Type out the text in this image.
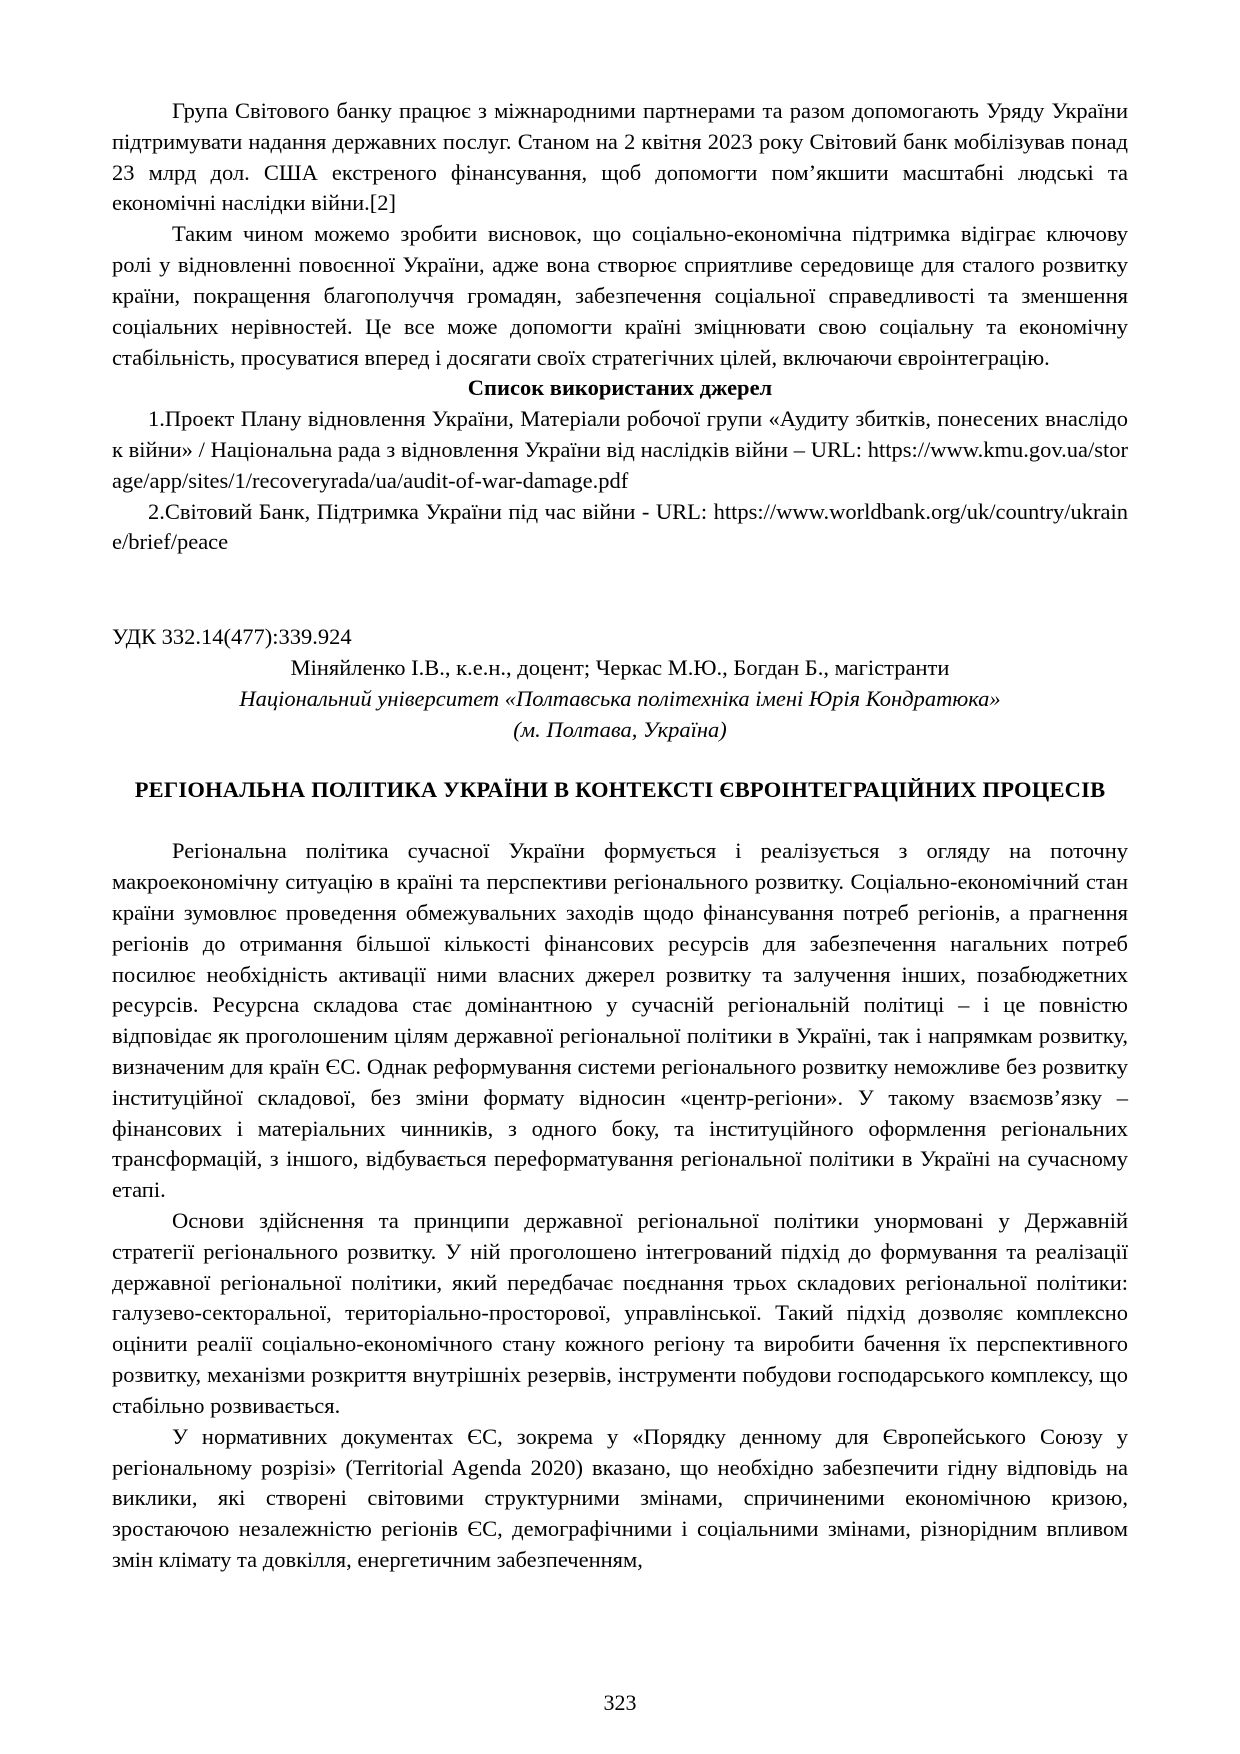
Група Світового банку працює з міжнародними партнерами та разом допомогають Уряду України підтримувати надання державних послуг. Станом на 2 квітня 2023 року Світовий банк мобілізував понад 23 млрд дол. США екстреного фінансування, щоб допомогти пом’якшити масштабні людські та економічні наслідки війни.[2]

Таким чином можемо зробити висновок, що соціально-економічна підтримка відіграє ключову ролі у відновленні повоєнної України, адже вона створює сприятливе середовище для сталого розвитку країни, покращення благополуччя громадян, забезпечення соціальної справедливості та зменшення соціальних нерівностей. Це все може допомогти країні зміцнювати свою соціальну та економічну стабільність, просуватися вперед і досягати своїх стратегічних цілей, включаючи євроінтеграцію.

Список використаних джерел

1.Проект Плану відновлення України, Матеріали робочої групи «Аудиту збитків, понесених внаслідок війни» / Національна рада з відновлення України від наслідків війни – URL: https://www.kmu.gov.ua/storage/app/sites/1/recoveryrada/ua/audit-of-war-damage.pdf

2.Світовий Банк, Підтримка України під час війни - URL: https://www.worldbank.org/uk/country/ukraine/brief/peace

УДК 332.14(477):339.924

Міняйленко І.В., к.е.н., доцент; Черкас М.Ю., Богдан Б., магістранти

Національний університет «Полтавська політехніка імені Юрія Кондратюка»

(м. Полтава, Україна)

РЕГІОНАЛЬНА ПОЛІТИКА УКРАЇНИ В КОНТЕКСТІ ЄВРОІНТЕГРАЦІЙНИХ ПРОЦЕСІВ

Регіональна політика сучасної України формується і реалізується з огляду на поточну макроекономічну ситуацію в країні та перспективи регіонального розвитку. Соціально-економічний стан країни зумовлює проведення обмежувальних заходів щодо фінансування потреб регіонів, а прагнення регіонів до отримання більшої кількості фінансових ресурсів для забезпечення нагальних потреб посилює необхідність активації ними власних джерел розвитку та залучення інших, позабюджетних ресурсів. Ресурсна складова стає домінантною у сучасній регіональній політиці – і це повністю відповідає як проголошеним цілям державної регіональної політики в Україні, так і напрямкам розвитку, визначеним для країн ЄС. Однак реформування системи регіонального розвитку неможливе без розвитку інституційної складової, без зміни формату відносин «центр-регіони». У такому взаємозв’язку – фінансових і матеріальних чинників, з одного боку, та інституційного оформлення регіональних трансформацій, з іншого, відбувається переформатування регіональної політики в Україні на сучасному етапі.

Основи здійснення та принципи державної регіональної політики унормовані у Державній стратегії регіонального розвитку. У ній проголошено інтегрований підхід до формування та реалізації державної регіональної політики, який передбачає поєднання трьох складових регіональної політики: галузево-секторальної, територіально-просторової, управлінської. Такий підхід дозволяє комплексно оцінити реалії соціально-економічного стану кожного регіону та виробити бачення їх перспективного розвитку, механізми розкриття внутрішніх резервів, інструменти побудови господарського комплексу, що стабільно розвивається.

У нормативних документах ЄС, зокрема у «Порядку денному для Європейського Союзу у регіональному розрізі» (Territorial Agenda 2020) вказано, що необхідно забезпечити гідну відповідь на виклики, які створені світовими структурними змінами, спричиненими економічною кризою, зростаючою незалежністю регіонів ЄС, демографічними і соціальними змінами, різнорідним впливом змін клімату та довкілля, енергетичним забезпеченням,

323
